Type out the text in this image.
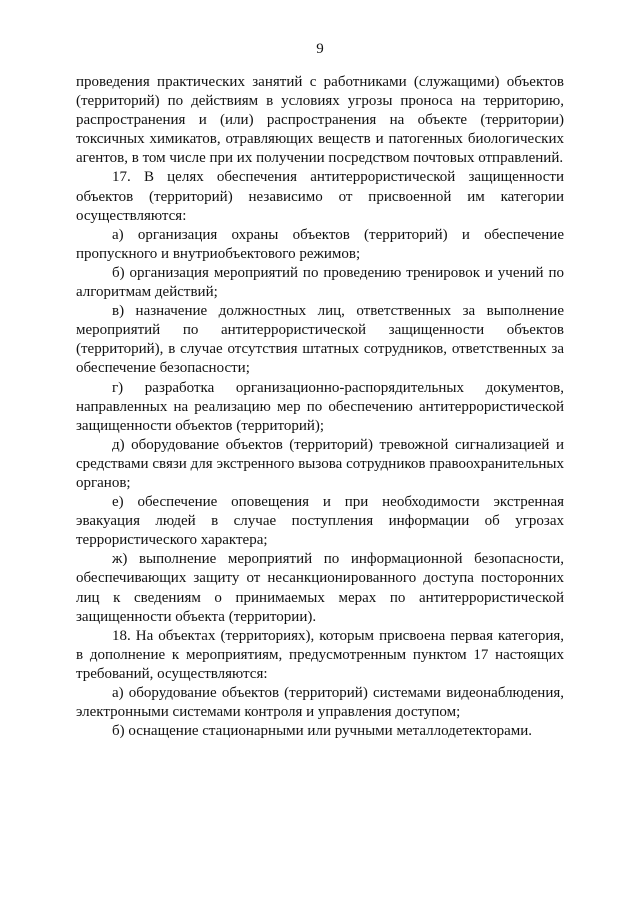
9

проведения практических занятий с работниками (служащими) объектов (территорий) по действиям в условиях угрозы проноса на территорию, распространения и (или) распространения на объекте (территории) токсичных химикатов, отравляющих веществ и патогенных биологических агентов, в том числе при их получении посредством почтовых отправлений.

17. В целях обеспечения антитеррористической защищенности объектов (территорий) независимо от присвоенной им категории осуществляются:

а) организация охраны объектов (территорий) и обеспечение пропускного и внутриобъектового режимов;

б) организация мероприятий по проведению тренировок и учений по алгоритмам действий;

в) назначение должностных лиц, ответственных за выполнение мероприятий по антитеррористической защищенности объектов (территорий), в случае отсутствия штатных сотрудников, ответственных за обеспечение безопасности;

г) разработка организационно-распорядительных документов, направленных на реализацию мер по обеспечению антитеррористической защищенности объектов (территорий);

д) оборудование объектов (территорий) тревожной сигнализацией и средствами связи для экстренного вызова сотрудников правоохранительных органов;

е) обеспечение оповещения и при необходимости экстренная эвакуация людей в случае поступления информации об угрозах террористического характера;

ж) выполнение мероприятий по информационной безопасности, обеспечивающих защиту от несанкционированного доступа посторонних лиц к сведениям о принимаемых мерах по антитеррористической защищенности объекта (территории).

18. На объектах (территориях), которым присвоена первая категория, в дополнение к мероприятиям, предусмотренным пунктом 17 настоящих требований, осуществляются:

а) оборудование объектов (территорий) системами видеонаблюдения, электронными системами контроля и управления доступом;

б) оснащение стационарными или ручными металлодетекторами.
